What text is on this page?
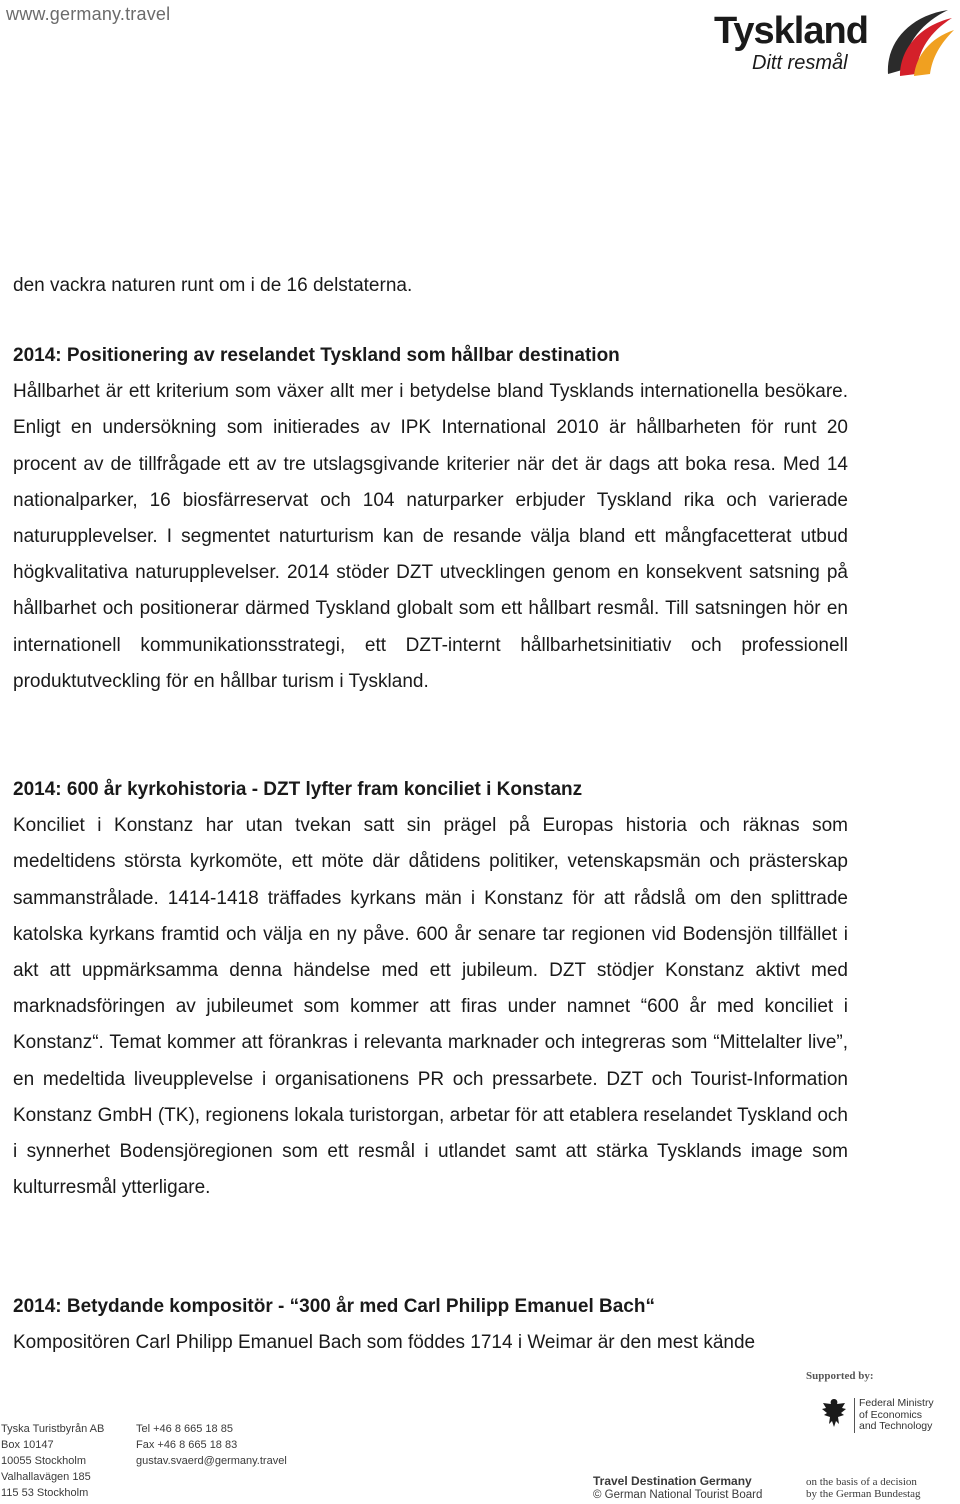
www.germany.travel	Tyskland
Ditt resmål

den vackra naturen runt om i de 16 delstaterna.

2014: Positionering av reselandet Tyskland som hållbar destination

Hållbarhet är ett kriterium som växer allt mer i betydelse bland Tysklands internationella besökare. Enligt en undersökning som initierades av IPK International 2010 är hållbarheten för runt 20 procent av de tillfrågade ett av tre utslagsgivande kriterier när det är dags att boka resa. Med 14 nationalparker, 16 biosfärreservat och 104 naturparker erbjuder Tyskland rika och varierade naturupplevelser. I segmentet naturturism kan de resande välja bland ett mångfacetterat utbud högkvalitativa naturupplevelser. 2014 stöder DZT utvecklingen genom en konsekvent satsning på hållbarhet och positionerar därmed Tyskland globalt som ett hållbart resmål. Till satsningen hör en internationell kommunikationsstrategi, ett DZT-internt hållbarhetsinitiativ och professionell produktutveckling för en hållbar turism i Tyskland.

2014: 600 år kyrkohistoria - DZT lyfter fram konciliet i Konstanz

Konciliet i Konstanz har utan tvekan satt sin prägel på Europas historia och räknas som medeltidens största kyrkomöte, ett möte där dåtidens politiker, vetenskapsmän och prästerskap sammanstrålade. 1414-1418 träffades kyrkans män i Konstanz för att rådslå om den splittrade katolska kyrkans framtid och välja en ny påve. 600 år senare tar regionen vid Bodensjön tillfället i akt att uppmärksamma denna händelse med ett jubileum. DZT stödjer Konstanz aktivt med marknadsföringen av jubileumet som kommer att firas under namnet “600 år med konciliet i Konstanz“. Temat kommer att förankras i relevanta marknader och integreras som “Mittelalter live”, en medeltida liveupplevelse i organisationens PR och pressarbete. DZT och Tourist-Information Konstanz GmbH (TK), regionens lokala turistorgan, arbetar för att etablera reselandet Tyskland och i synnerhet Bodensjöregionen som ett resmål i utlandet samt att stärka Tysklands image som kulturresmål ytterligare.

2014: Betydande kompositör - “300 år med Carl Philipp Emanuel Bach“

Kompositören Carl Philipp Emanuel Bach som föddes 1714 i Weimar är den mest kände

Tyska Turistbyrån AB
Box 10147
10055 Stockholm
Valhallavägen 185
115 53 Stockholm
Tel +46 8 665 18 85
Fax +46 8 665 18 83
gustav.svaerd@germany.travel
Supported by:
Federal Ministry
of Economics
and Technology
Travel Destination Germany
© German National Tourist Board
on the basis of a decision
by the German Bundestag
